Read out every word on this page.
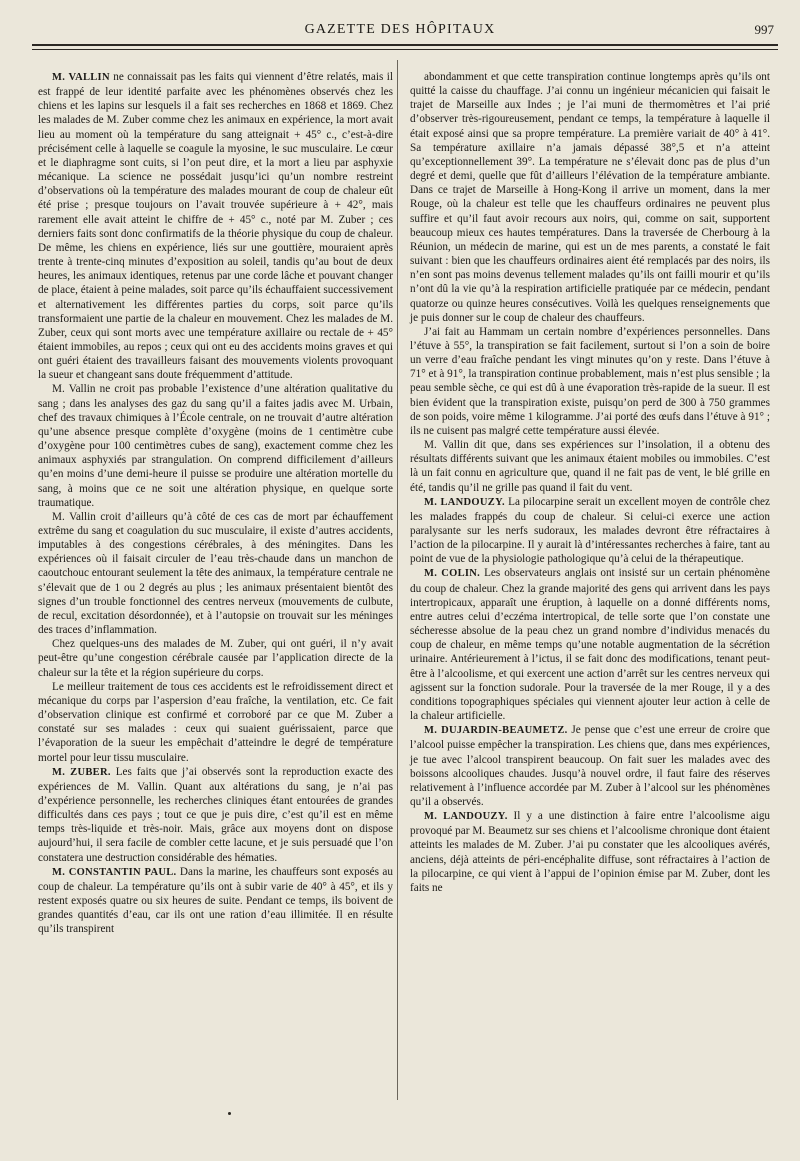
GAZETTE DES HÔPITAUX	997

M. VALLIN ne connaissait pas les faits qui viennent d’être relatés, mais il est frappé de leur identité parfaite avec les phénomènes observés chez les chiens et les lapins sur lesquels il a fait ses recherches en 1868 et 1869. Chez les malades de M. Zuber comme chez les animaux en expérience, la mort avait lieu au moment où la température du sang atteignait + 45° c., c’est-à-dire précisément celle à laquelle se coagule la myosine, le suc musculaire. Le cœur et le diaphragme sont cuits, si l’on peut dire, et la mort a lieu par asphyxie mécanique. La science ne possédait jusqu’ici qu’un nombre restreint d’observations où la température des malades mourant de coup de chaleur eût été prise ; presque toujours on l’avait trouvée supérieure à + 42°, mais rarement elle avait atteint le chiffre de + 45° c., noté par M. Zuber ; ces derniers faits sont donc confirmatifs de la théorie physique du coup de chaleur. De même, les chiens en expérience, liés sur une gouttière, mouraient après trente à trente-cinq minutes d’exposition au soleil, tandis qu’au bout de deux heures, les animaux identiques, retenus par une corde lâche et pouvant changer de place, étaient à peine malades, soit parce qu’ils échauffaient successivement et alternativement les différentes parties du corps, soit parce qu’ils transformaient une partie de la chaleur en mouvement. Chez les malades de M. Zuber, ceux qui sont morts avec une température axillaire ou rectale de + 45° étaient immobiles, au repos ; ceux qui ont eu des accidents moins graves et qui ont guéri étaient des travailleurs faisant des mouvements violents provoquant la sueur et changeant sans doute fréquemment d’attitude.

M. Vallin ne croit pas probable l’existence d’une altération qualitative du sang ; dans les analyses des gaz du sang qu’il a faites jadis avec M. Urbain, chef des travaux chimiques à l’École centrale, on ne trouvait d’autre altération qu’une absence presque complète d’oxygène (moins de 1 centimètre cube d’oxygène pour 100 centimètres cubes de sang), exactement comme chez les animaux asphyxiés par strangulation. On comprend difficilement d’ailleurs qu’en moins d’une demi-heure il puisse se produire une altération mortelle du sang, à moins que ce ne soit une altération physique, en quelque sorte traumatique.

M. Vallin croit d’ailleurs qu’à côté de ces cas de mort par échauffement extrême du sang et coagulation du suc musculaire, il existe d’autres accidents, imputables à des congestions cérébrales, à des méningites. Dans les expériences où il faisait circuler de l’eau très-chaude dans un manchon de caoutchouc entourant seulement la tête des animaux, la température centrale ne s’élevait que de 1 ou 2 degrés au plus ; les animaux présentaient bientôt des signes d’un trouble fonctionnel des centres nerveux (mouvements de culbute, de recul, excitation désordonnée), et à l’autopsie on trouvait sur les méninges des traces d’inflammation.

Chez quelques-uns des malades de M. Zuber, qui ont guéri, il n’y avait peut-être qu’une congestion cérébrale causée par l’application directe de la chaleur sur la tête et la région supérieure du corps.

Le meilleur traitement de tous ces accidents est le refroidissement direct et mécanique du corps par l’aspersion d’eau fraîche, la ventilation, etc. Ce fait d’observation clinique est confirmé et corroboré par ce que M. Zuber a constaté sur ses malades : ceux qui suaient guérissaient, parce que l’évaporation de la sueur les empêchait d’atteindre le degré de température mortel pour leur tissu musculaire.

M. ZUBER. Les faits que j’ai observés sont la reproduction exacte des expériences de M. Vallin. Quant aux altérations du sang, je n’ai pas d’expérience personnelle, les recherches cliniques étant entourées de grandes difficultés dans ces pays ; tout ce que je puis dire, c’est qu’il est en même temps très-liquide et très-noir. Mais, grâce aux moyens dont on dispose aujourd’hui, il sera facile de combler cette lacune, et je suis persuadé que l’on constatera une destruction considérable des hématies.

M. CONSTANTIN PAUL. Dans la marine, les chauffeurs sont exposés au coup de chaleur. La température qu’ils ont à subir varie de 40° à 45°, et ils y restent exposés quatre ou six heures de suite. Pendant ce temps, ils boivent de grandes quantités d’eau, car ils ont une ration d’eau illimitée. Il en résulte qu’ils transpirent

abondamment et que cette transpiration continue longtemps après qu’ils ont quitté la caisse du chauffage. J’ai connu un ingénieur mécanicien qui faisait le trajet de Marseille aux Indes ; je l’ai muni de thermomètres et l’ai prié d’observer très-rigoureusement, pendant ce temps, la température à laquelle il était exposé ainsi que sa propre température. La première variait de 40° à 41°. Sa température axillaire n’a jamais dépassé 38°,5 et n’a atteint qu’exceptionnellement 39°. La température ne s’élevait donc pas de plus d’un degré et demi, quelle que fût d’ailleurs l’élévation de la température ambiante. Dans ce trajet de Marseille à Hong-Kong il arrive un moment, dans la mer Rouge, où la chaleur est telle que les chauffeurs ordinaires ne peuvent plus suffire et qu’il faut avoir recours aux noirs, qui, comme on sait, supportent beaucoup mieux ces hautes températures. Dans la traversée de Cherbourg à la Réunion, un médecin de marine, qui est un de mes parents, a constaté le fait suivant : bien que les chauffeurs ordinaires aient été remplacés par des noirs, ils n’en sont pas moins devenus tellement malades qu’ils ont failli mourir et qu’ils n’ont dû la vie qu’à la respiration artificielle pratiquée par ce médecin, pendant quatorze ou quinze heures consécutives. Voilà les quelques renseignements que je puis donner sur le coup de chaleur des chauffeurs.

J’ai fait au Hammam un certain nombre d’expériences personnelles. Dans l’étuve à 55°, la transpiration se fait facilement, surtout si l’on a soin de boire un verre d’eau fraîche pendant les vingt minutes qu’on y reste. Dans l’étuve à 71° et à 91°, la transpiration continue probablement, mais n’est plus sensible ; la peau semble sèche, ce qui est dû à une évaporation très-rapide de la sueur. Il est bien évident que la transpiration existe, puisqu’on perd de 300 à 750 grammes de son poids, voire même 1 kilogramme. J’ai porté des œufs dans l’étuve à 91° ; ils ne cuisent pas malgré cette température aussi élevée.

M. Vallin dit que, dans ses expériences sur l’insolation, il a obtenu des résultats différents suivant que les animaux étaient mobiles ou immobiles. C’est là un fait connu en agriculture que, quand il ne fait pas de vent, le blé grille en été, tandis qu’il ne grille pas quand il fait du vent.

M. LANDOUZY. La pilocarpine serait un excellent moyen de contrôle chez les malades frappés du coup de chaleur. Si celui-ci exerce une action paralysante sur les nerfs sudoraux, les malades devront être réfractaires à l’action de la pilocarpine. Il y aurait là d’intéressantes recherches à faire, tant au point de vue de la physiologie pathologique qu’à celui de la thérapeutique.

M. COLIN. Les observateurs anglais ont insisté sur un certain phénomène du coup de chaleur. Chez la grande majorité des gens qui arrivent dans les pays intertropicaux, apparaît une éruption, à laquelle on a donné différents noms, entre autres celui d’eczéma intertropical, de telle sorte que l’on constate une sécheresse absolue de la peau chez un grand nombre d’individus menacés du coup de chaleur, en même temps qu’une notable augmentation de la sécrétion urinaire. Antérieurement à l’ictus, il se fait donc des modifications, tenant peut-être à l’alcoolisme, et qui exercent une action d’arrêt sur les centres nerveux qui agissent sur la fonction sudorale. Pour la traversée de la mer Rouge, il y a des conditions topographiques spéciales qui viennent ajouter leur action à celle de la chaleur artificielle.

M. DUJARDIN-BEAUMETZ. Je pense que c’est une erreur de croire que l’alcool puisse empêcher la transpiration. Les chiens que, dans mes expériences, je tue avec l’alcool transpirent beaucoup. On fait suer les malades avec des boissons alcooliques chaudes. Jusqu’à nouvel ordre, il faut faire des réserves relativement à l’influence accordée par M. Zuber à l’alcool sur les phénomènes qu’il a observés.

M. LANDOUZY. Il y a une distinction à faire entre l’alcoolisme aigu provoqué par M. Beaumetz sur ses chiens et l’alcoolisme chronique dont étaient atteints les malades de M. Zuber. J’ai pu constater que les alcooliques avérés, anciens, déjà atteints de péri-encéphalite diffuse, sont réfractaires à l’action de la pilocarpine, ce qui vient à l’appui de l’opinion émise par M. Zuber, dont les faits ne
